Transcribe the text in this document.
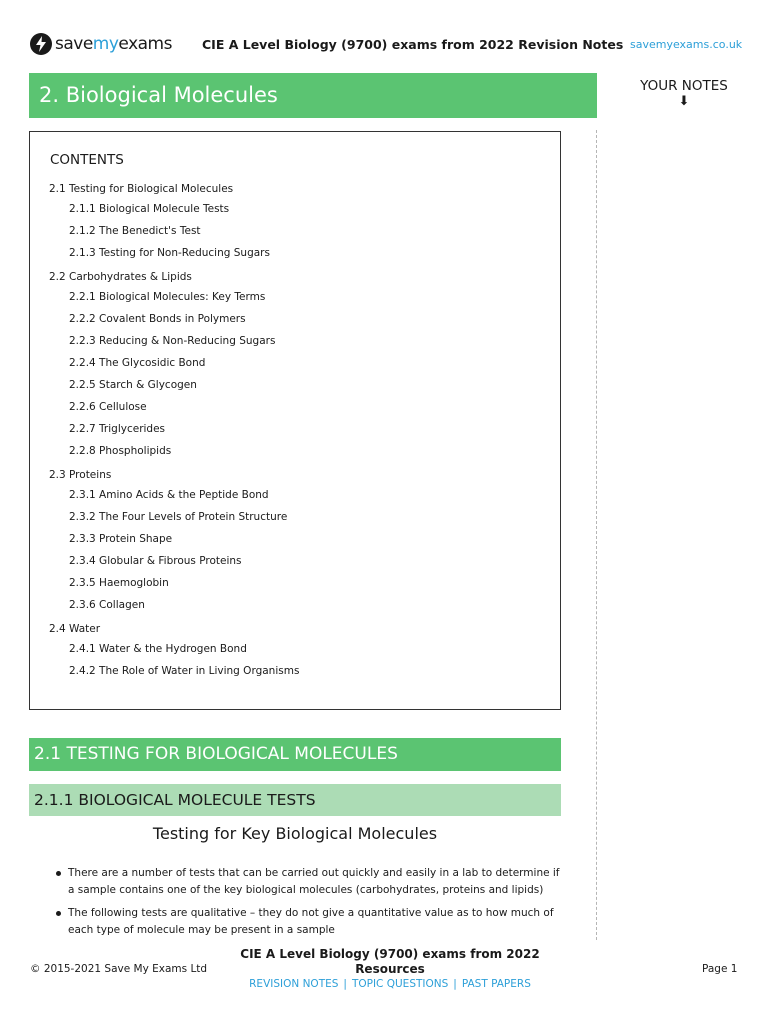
savemyexams CIE A Level Biology (9700) exams from 2022 Revision Notes savemyexams.co.uk
2. Biological Molecules	YOUR NOTES
⬇
CONTENTS
2.1 Testing for Biological Molecules
2.1.1 Biological Molecule Tests
2.1.2 The Benedict's Test
2.1.3 Testing for Non-Reducing Sugars
2.2 Carbohydrates & Lipids
2.2.1 Biological Molecules: Key Terms
2.2.2 Covalent Bonds in Polymers
2.2.3 Reducing & Non-Reducing Sugars
2.2.4 The Glycosidic Bond
2.2.5 Starch & Glycogen
2.2.6 Cellulose
2.2.7 Triglycerides
2.2.8 Phospholipids
2.3 Proteins
2.3.1 Amino Acids & the Peptide Bond
2.3.2 The Four Levels of Protein Structure
2.3.3 Protein Shape
2.3.4 Globular & Fibrous Proteins
2.3.5 Haemoglobin
2.3.6 Collagen
2.4 Water
2.4.1 Water & the Hydrogen Bond
2.4.2 The Role of Water in Living Organisms
2.1 TESTING FOR BIOLOGICAL MOLECULES
2.1.1 BIOLOGICAL MOLECULE TESTS
Testing for Key Biological Molecules
There are a number of tests that can be carried out quickly and easily in a lab to determine if a sample contains one of the key biological molecules (carbohydrates, proteins and lipids)
The following tests are qualitative – they do not give a quantitative value as to how much of each type of molecule may be present in a sample
© 2015-2021 Save My Exams Ltd
CIE A Level Biology (9700) exams from 2022
Resources
REVISION NOTES | TOPIC QUESTIONS | PAST PAPERS
Page 1
